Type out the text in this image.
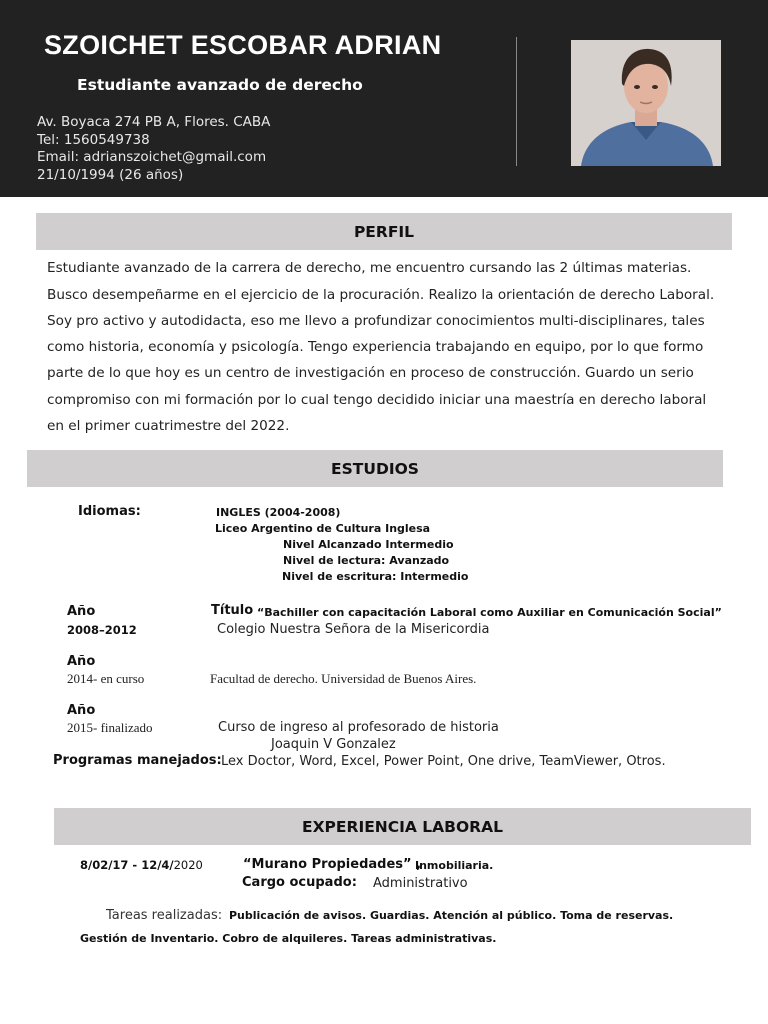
SZOICHET ESCOBAR ADRIAN
Estudiante avanzado de derecho
Av. Boyaca 274 PB A, Flores. CABA
Tel: 1560549738
Email: adrianszoichet@gmail.com
21/10/1994 (26 años)
PERFIL
Estudiante avanzado de la carrera de derecho, me encuentro cursando las 2 últimas materias.
Busco desempeñarme en el ejercicio de la procuración. Realizo la orientación de derecho Laboral.
Soy pro activo y autodidacta, eso me llevo a profundizar conocimientos multi-disciplinares, tales
como historia, economía y psicología. Tengo experiencia trabajando en equipo, por lo que formo
parte de lo que hoy es un centro de investigación en proceso de construcción. Guardo un serio
compromiso con mi formación por lo cual tengo decidido iniciar una maestría en derecho laboral
en el primer cuatrimestre del 2022.
ESTUDIOS
Idiomas:	INGLES (2004-2008)
Liceo Argentino de Cultura Inglesa
Nivel Alcanzado Intermedio
Nivel de lectura: Avanzado
Nivel de escritura: Intermedio
Año	Título “Bachiller con capacitación Laboral como Auxiliar en Comunicación Social”
2008–2012	Colegio Nuestra Señora de la Misericordia
Año
2014- en curso	Facultad de derecho. Universidad de Buenos Aires.
Año
2015- finalizado	Curso de ingreso al profesorado de historia
Joaquin V Gonzalez
Programas manejados: Lex Doctor, Word, Excel, Power Point, One drive, TeamViewer, Otros.
EXPERIENCIA LABORAL
8/02/17 - 12/4/2020	“Murano Propiedades” ,
Inmobiliaria.
Cargo ocupado: Administrativo
Tareas realizadas: Publicación de avisos. Guardias. Atención al público. Toma de reservas.
Gestión de Inventario. Cobro de alquileres. Tareas administrativas.
